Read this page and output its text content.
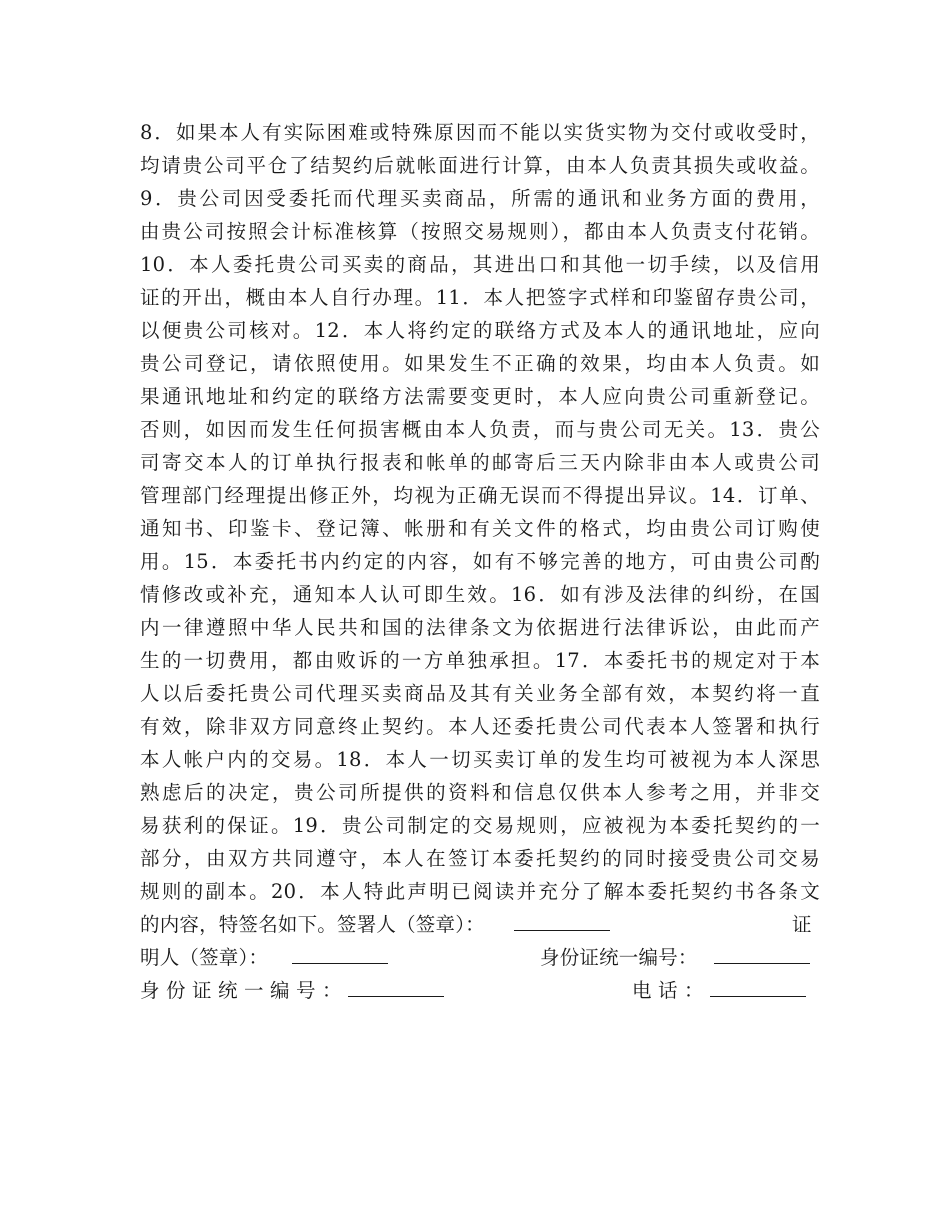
8．如果本人有实际困难或特殊原因而不能以实货实物为交付或收受时，
均请贵公司平仓了结契约后就帐面进行计算，由本人负责其损失或收益。
9．贵公司因受委托而代理买卖商品，所需的通讯和业务方面的费用，
由贵公司按照会计标准核算（按照交易规则），都由本人负责支付花销。
10．本人委托贵公司买卖的商品，其进出口和其他一切手续，以及信用
证的开出，概由本人自行办理。11．本人把签字式样和印鉴留存贵公司，
以便贵公司核对。12．本人将约定的联络方式及本人的通讯地址，应向
贵公司登记，请依照使用。如果发生不正确的效果，均由本人负责。如
果通讯地址和约定的联络方法需要变更时，本人应向贵公司重新登记。
否则，如因而发生任何损害概由本人负责，而与贵公司无关。13．贵公
司寄交本人的订单执行报表和帐单的邮寄后三天内除非由本人或贵公司
管理部门经理提出修正外，均视为正确无误而不得提出异议。14．订单、
通知书、印鉴卡、登记簿、帐册和有关文件的格式，均由贵公司订购使
用。15．本委托书内约定的内容，如有不够完善的地方，可由贵公司酌
情修改或补充，通知本人认可即生效。16．如有涉及法律的纠纷，在国
内一律遵照中华人民共和国的法律条文为依据进行法律诉讼，由此而产
生的一切费用，都由败诉的一方单独承担。17．本委托书的规定对于本
人以后委托贵公司代理买卖商品及其有关业务全部有效，本契约将一直
有效，除非双方同意终止契约。本人还委托贵公司代表本人签署和执行
本人帐户内的交易。18．本人一切买卖订单的发生均可被视为本人深思
熟虑后的决定，贵公司所提供的资料和信息仅供本人参考之用，并非交
易获利的保证。19．贵公司制定的交易规则，应被视为本委托契约的一
部分，由双方共同遵守，本人在签订本委托契约的同时接受贵公司交易
规则的副本。20．本人特此声明已阅读并充分了解本委托契约书各条文
的内容，特签名如下。签署人（签章）：	证
明人（签章）：	身份证统一编号：
身份证统一编号：	电话：
